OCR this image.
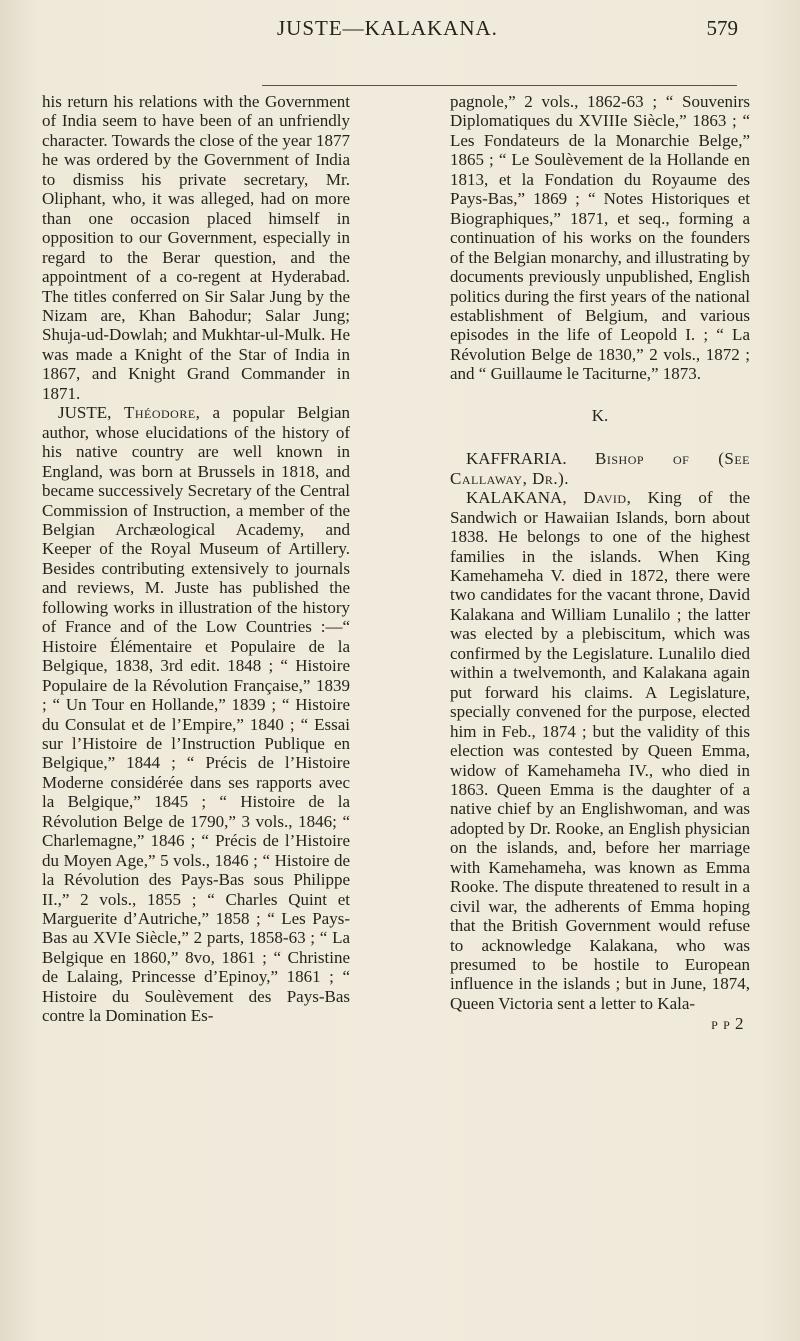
JUSTE—KALAKANA.	579

his return his relations with the Government of India seem to have been of an unfriendly character. Towards the close of the year 1877 he was ordered by the Government of India to dismiss his private secretary, Mr. Oliphant, who, it was alleged, had on more than one occasion placed himself in opposition to our Government, especially in regard to the Berar question, and the appointment of a co-regent at Hyderabad. The titles conferred on Sir Salar Jung by the Nizam are, Khan Bahodur; Salar Jung; Shuja-ud-Dowlah; and Mukhtar-ul-Mulk. He was made a Knight of the Star of India in 1867, and Knight Grand Commander in 1871.

JUSTE, Théodore, a popular Belgian author, whose elucidations of the history of his native country are well known in England, was born at Brussels in 1818, and became successively Secretary of the Central Commission of Instruction, a member of the Belgian Archæological Academy, and Keeper of the Royal Museum of Artillery. Besides contributing extensively to journals and reviews, M. Juste has published the following works in illustration of the history of France and of the Low Countries :—“ Histoire Élémentaire et Populaire de la Belgique, 1838, 3rd edit. 1848 ; “ Histoire Populaire de la Révolution Française,” 1839 ; “ Un Tour en Hollande,” 1839 ; “ Histoire du Consulat et de l’Empire,” 1840 ; “ Essai sur l’Histoire de l’Instruction Publique en Belgique,” 1844 ; “ Précis de l’Histoire Moderne considérée dans ses rapports avec la Belgique,” 1845 ; “ Histoire de la Révolution Belge de 1790,” 3 vols., 1846; “ Charlemagne,” 1846 ; “ Précis de l’Histoire du Moyen Age,” 5 vols., 1846 ; “ Histoire de la Révolution des Pays-Bas sous Philippe II.,” 2 vols., 1855 ; “ Charles Quint et Marguerite d’Autriche,” 1858 ; “ Les Pays-Bas au XVIe Siècle,” 2 parts, 1858-63 ; “ La Belgique en 1860,” 8vo, 1861 ; “ Christine de Lalaing, Princesse d’Epinoy,” 1861 ; “ Histoire du Soulèvement des Pays-Bas contre la Domination Es-

pagnole,” 2 vols., 1862-63 ; “ Souvenirs Diplomatiques du XVIIIe Siècle,” 1863 ; “ Les Fondateurs de la Monarchie Belge,” 1865 ; “ Le Soulèvement de la Hollande en 1813, et la Fondation du Royaume des Pays-Bas,” 1869 ; “ Notes Historiques et Biographiques,” 1871, et seq., forming a continuation of his works on the founders of the Belgian monarchy, and illustrating by documents previously unpublished, English politics during the first years of the national establishment of Belgium, and various episodes in the life of Leopold I. ; “ La Révolution Belge de 1830,” 2 vols., 1872 ; and “ Guillaume le Taciturne,” 1873.

K.

KAFFRARIA. Bishop of (See Callaway, Dr.).

KALAKANA, David, King of the Sandwich or Hawaiian Islands, born about 1838. He belongs to one of the highest families in the islands. When King Kamehameha V. died in 1872, there were two candidates for the vacant throne, David Kalakana and William Lunalilo ; the latter was elected by a plebiscitum, which was confirmed by the Legislature. Lunalilo died within a twelvemonth, and Kalakana again put forward his claims. A Legislature, specially convened for the purpose, elected him in Feb., 1874 ; but the validity of this election was contested by Queen Emma, widow of Kamehameha IV., who died in 1863. Queen Emma is the daughter of a native chief by an Englishwoman, and was adopted by Dr. Rooke, an English physician on the islands, and, before her marriage with Kamehameha, was known as Emma Rooke. The dispute threatened to result in a civil war, the adherents of Emma hoping that the British Government would refuse to acknowledge Kalakana, who was presumed to be hostile to European influence in the islands ; but in June, 1874, Queen Victoria sent a letter to Kala-

p p 2
